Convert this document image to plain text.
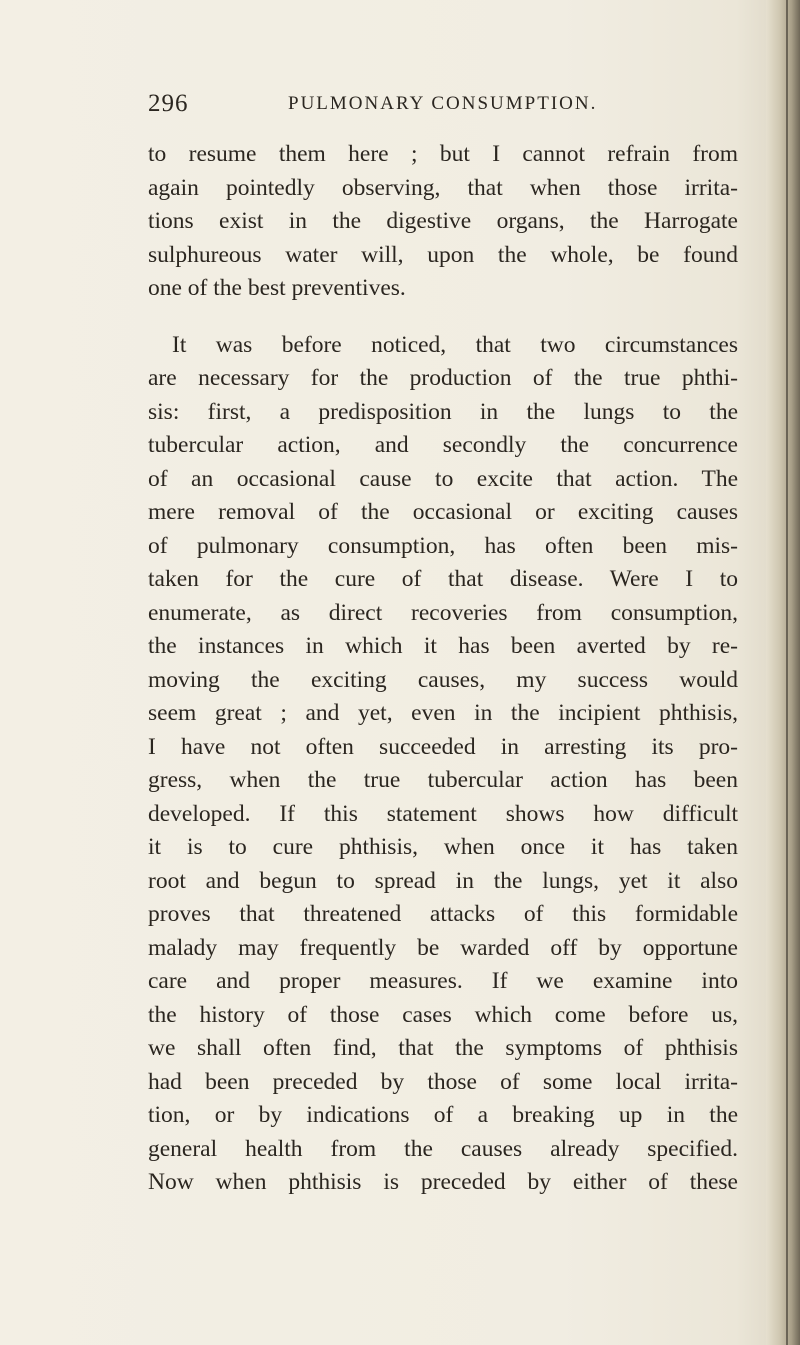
296	PULMONARY CONSUMPTION.
to resume them here ; but I cannot refrain from
again pointedly observing, that when those irrita-
tions exist in the digestive organs, the Harrogate
sulphureous water will, upon the whole, be found
one of the best preventives.
It was before noticed, that two circumstances
are necessary for the production of the true phthi-
sis: first, a predisposition in the lungs to the
tubercular action, and secondly the concurrence
of an occasional cause to excite that action. The
mere removal of the occasional or exciting causes
of pulmonary consumption, has often been mis-
taken for the cure of that disease. Were I to
enumerate, as direct recoveries from consumption,
the instances in which it has been averted by re-
moving the exciting causes, my success would
seem great ; and yet, even in the incipient phthisis,
I have not often succeeded in arresting its pro-
gress, when the true tubercular action has been
developed. If this statement shows how difficult
it is to cure phthisis, when once it has taken
root and begun to spread in the lungs, yet it also
proves that threatened attacks of this formidable
malady may frequently be warded off by opportune
care and proper measures. If we examine into
the history of those cases which come before us,
we shall often find, that the symptoms of phthisis
had been preceded by those of some local irrita-
tion, or by indications of a breaking up in the
general health from the causes already specified.
Now when phthisis is preceded by either of these
